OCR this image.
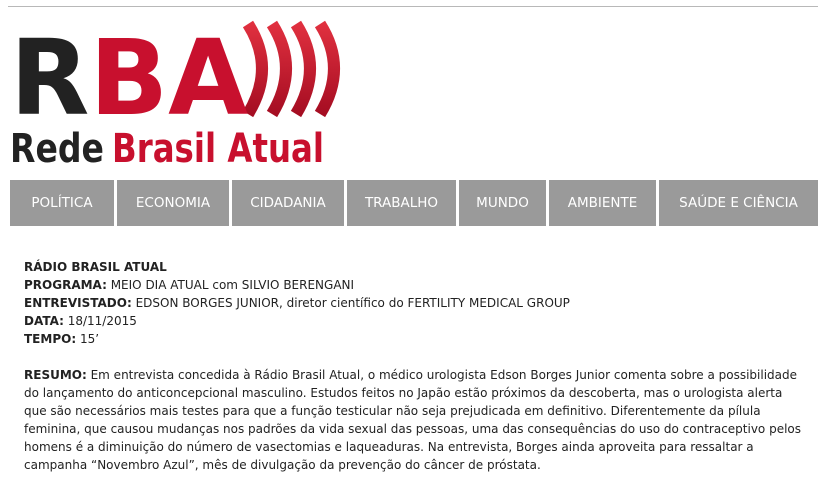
RBA
Rede Brasil Atual
POLÍTICA	ECONOMIA	CIDADANIA	TRABALHO	MUNDO	AMBIENTE	SAÚDE E CIÊNCIA
RÁDIO BRASIL ATUAL
PROGRAMA: MEIO DIA ATUAL com SILVIO BERENGANI
ENTREVISTADO: EDSON BORGES JUNIOR, diretor científico do FERTILITY MEDICAL GROUP
DATA: 18/11/2015
TEMPO: 15’
RESUMO: Em entrevista concedida à Rádio Brasil Atual, o médico urologista Edson Borges Junior comenta sobre a possibilidade do lançamento do anticoncepcional masculino. Estudos feitos no Japão estão próximos da descoberta, mas o urologista alerta que são necessários mais testes para que a função testicular não seja prejudicada em definitivo. Diferentemente da pílula feminina, que causou mudanças nos padrões da vida sexual das pessoas, uma das consequências do uso do contraceptivo pelos homens é a diminuição do número de vasectomias e laqueaduras. Na entrevista, Borges ainda aproveita para ressaltar a campanha “Novembro Azul”, mês de divulgação da prevenção do câncer de próstata.
